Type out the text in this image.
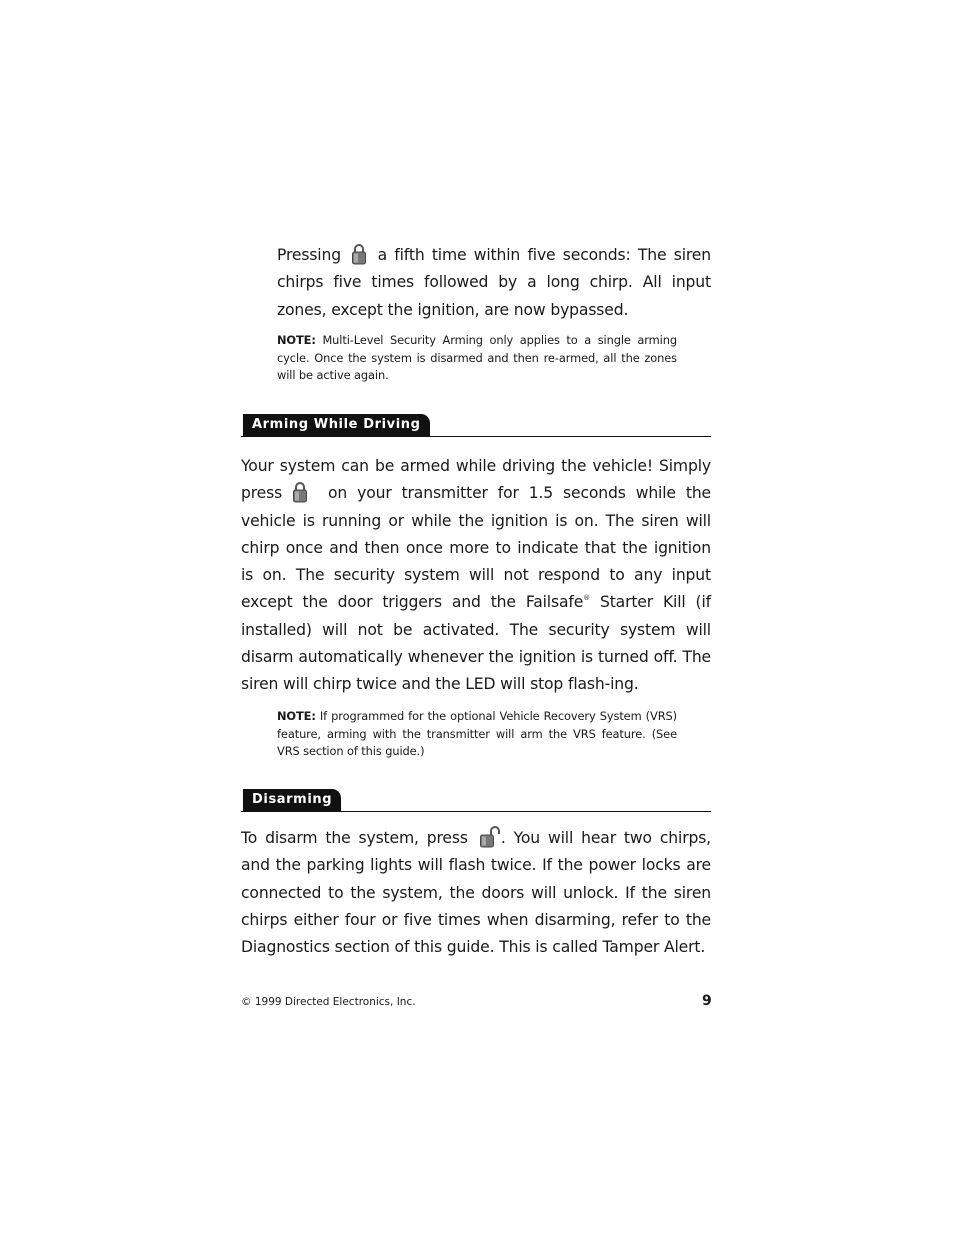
Pressing a fifth time within five seconds: The siren chirps five times followed by a long chirp. All input zones, except the ignition, are now bypassed.

NOTE: Multi-Level Security Arming only applies to a single arming cycle. Once the system is disarmed and then re-armed, all the zones will be active again.

Arming While Driving

Your system can be armed while driving the vehicle! Simply press	on your transmitter for 1.5 seconds while the vehicle is running or while the ignition is on. The siren will chirp once and then once more to indicate that the ignition is on. The security system will not respond to any input except the door triggers and the Failsafe® Starter Kill (if installed) will not be activated. The security system will disarm automatically whenever the ignition is turned off. The siren will chirp twice and the LED will stop flash-ing.

NOTE: If programmed for the optional Vehicle Recovery System (VRS) feature, arming with the transmitter will arm the VRS feature. (See VRS section of this guide.)

Disarming

To disarm the system, press . You will hear two chirps, and the parking lights will flash twice. If the power locks are connected to the system, the doors will unlock. If the siren chirps either four or five times when disarming, refer to the Diagnostics section of this guide. This is called Tamper Alert.

© 1999 Directed Electronics, Inc.	9
